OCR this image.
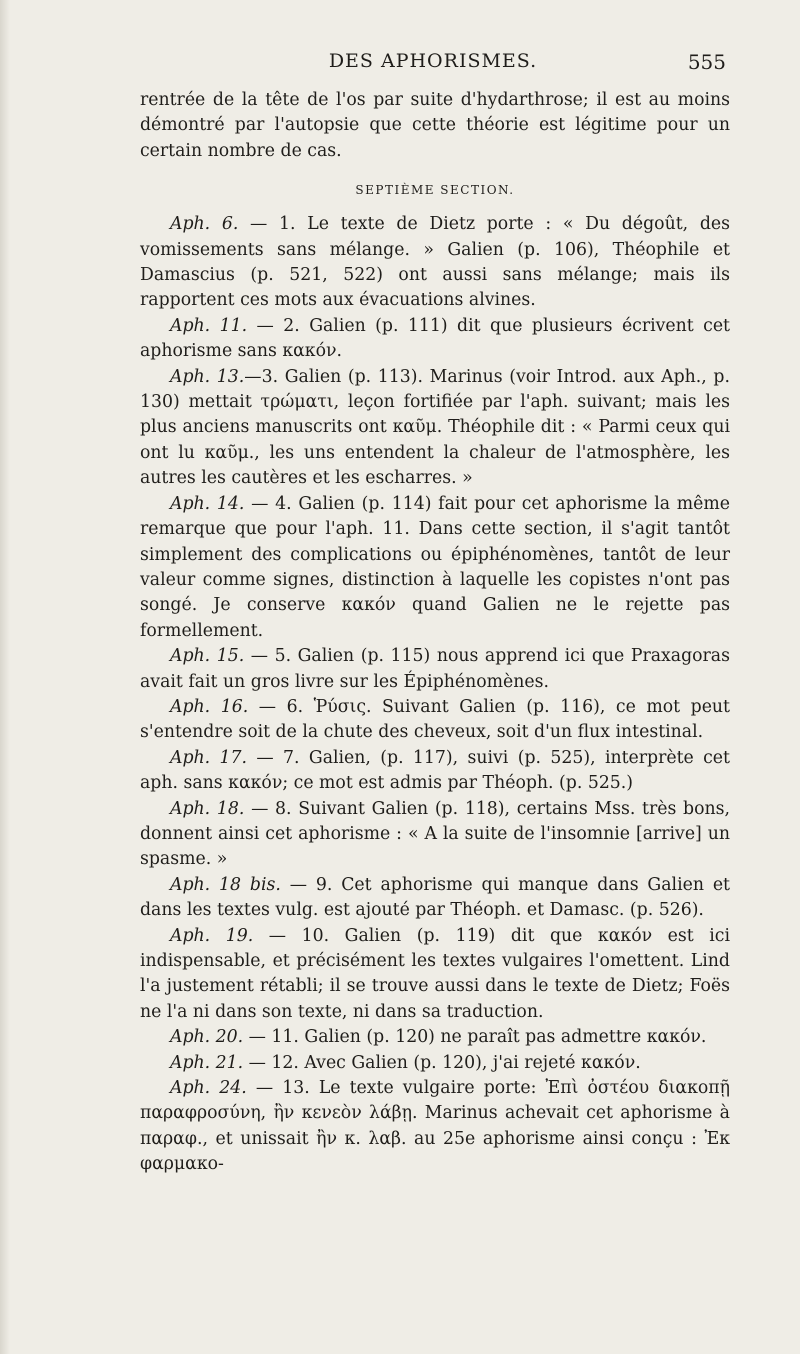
DES APHORISMES.	555

rentrée de la tête de l'os par suite d'hydarthrose; il est au moins démontré par l'autopsie que cette théorie est légitime pour un certain nombre de cas.

SEPTIÈME SECTION.

Aph. 6. — 1. Le texte de Dietz porte : « Du dégoût, des vomissements sans mélange. » Galien (p. 106), Théophile et Damascius (p. 521, 522) ont aussi sans mélange; mais ils rapportent ces mots aux évacuations alvines.

Aph. 11. — 2. Galien (p. 111) dit que plusieurs écrivent cet aphorisme sans κακόν.

Aph. 13.—3. Galien (p. 113). Marinus (voir Introd. aux Aph., p. 130) mettait τρώματι, leçon fortifiée par l'aph. suivant; mais les plus anciens manuscrits ont καῦμ. Théophile dit : « Parmi ceux qui ont lu καῦμ., les uns entendent la chaleur de l'atmosphère, les autres les cautères et les escharres. »

Aph. 14. — 4. Galien (p. 114) fait pour cet aphorisme la même remarque que pour l'aph. 11. Dans cette section, il s'agit tantôt simplement des complications ou épiphénomènes, tantôt de leur valeur comme signes, distinction à laquelle les copistes n'ont pas songé. Je conserve κακόν quand Galien ne le rejette pas formellement.

Aph. 15. — 5. Galien (p. 115) nous apprend ici que Praxagoras avait fait un gros livre sur les Épiphénomènes.

Aph. 16. — 6. Ῥύσις. Suivant Galien (p. 116), ce mot peut s'entendre soit de la chute des cheveux, soit d'un flux intestinal.

Aph. 17. — 7. Galien, (p. 117), suivi (p. 525), interprète cet aph. sans κακόν; ce mot est admis par Théoph. (p. 525.)

Aph. 18. — 8. Suivant Galien (p. 118), certains Mss. très bons, donnent ainsi cet aphorisme : « A la suite de l'insomnie [arrive] un spasme. »

Aph. 18 bis. — 9. Cet aphorisme qui manque dans Galien et dans les textes vulg. est ajouté par Théoph. et Damasc. (p. 526).

Aph. 19. — 10. Galien (p. 119) dit que κακόν est ici indispensable, et précisément les textes vulgaires l'omettent. Lind l'a justement rétabli; il se trouve aussi dans le texte de Dietz; Foës ne l'a ni dans son texte, ni dans sa traduction.

Aph. 20. — 11. Galien (p. 120) ne paraît pas admettre κακόν.

Aph. 21. — 12. Avec Galien (p. 120), j'ai rejeté κακόν.

Aph. 24. — 13. Le texte vulgaire porte: Ἐπὶ ὀστέου διακοπῇ παραφροσύνη, ἢν κενεὸν λάβῃ. Marinus achevait cet aphorisme à παραφ., et unissait ἢν κ. λαβ. au 25e aphorisme ainsi conçu : Ἐκ φαρμακο-
